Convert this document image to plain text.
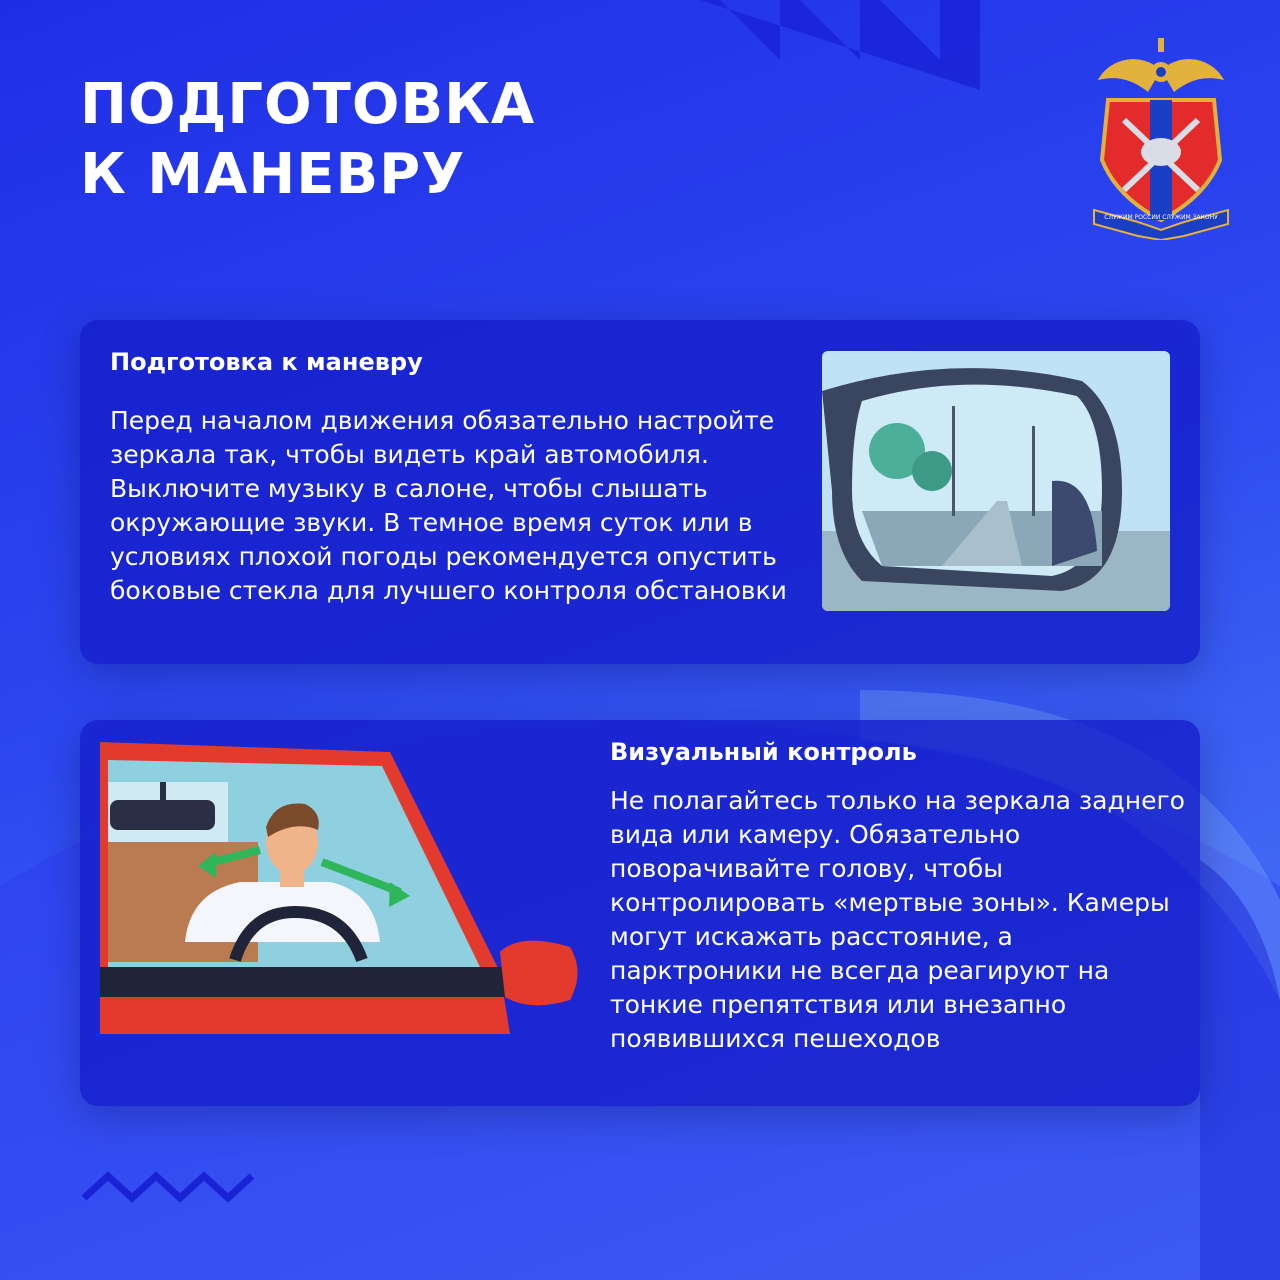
ПОДГОТОВКА
К МАНЕВРУ
СЛУЖИМ РОССИИ СЛУЖИМ ЗАКОНУ
Подготовка к маневру

Перед началом движения обязательно настройте зеркала так, чтобы видеть край автомобиля. Выключите музыку в салоне, чтобы слышать окружающие звуки. В темное время суток или в условиях плохой погоды рекомендуется опустить боковые стекла для лучшего контроля обстановки

Визуальный контроль

Не полагайтесь только на зеркала заднего вида или камеру. Обязательно поворачивайте голову, чтобы контролировать «мертвые зоны». Камеры могут искажать расстояние, а парктроники не всегда реагируют на тонкие препятствия или внезапно появившихся пешеходов
